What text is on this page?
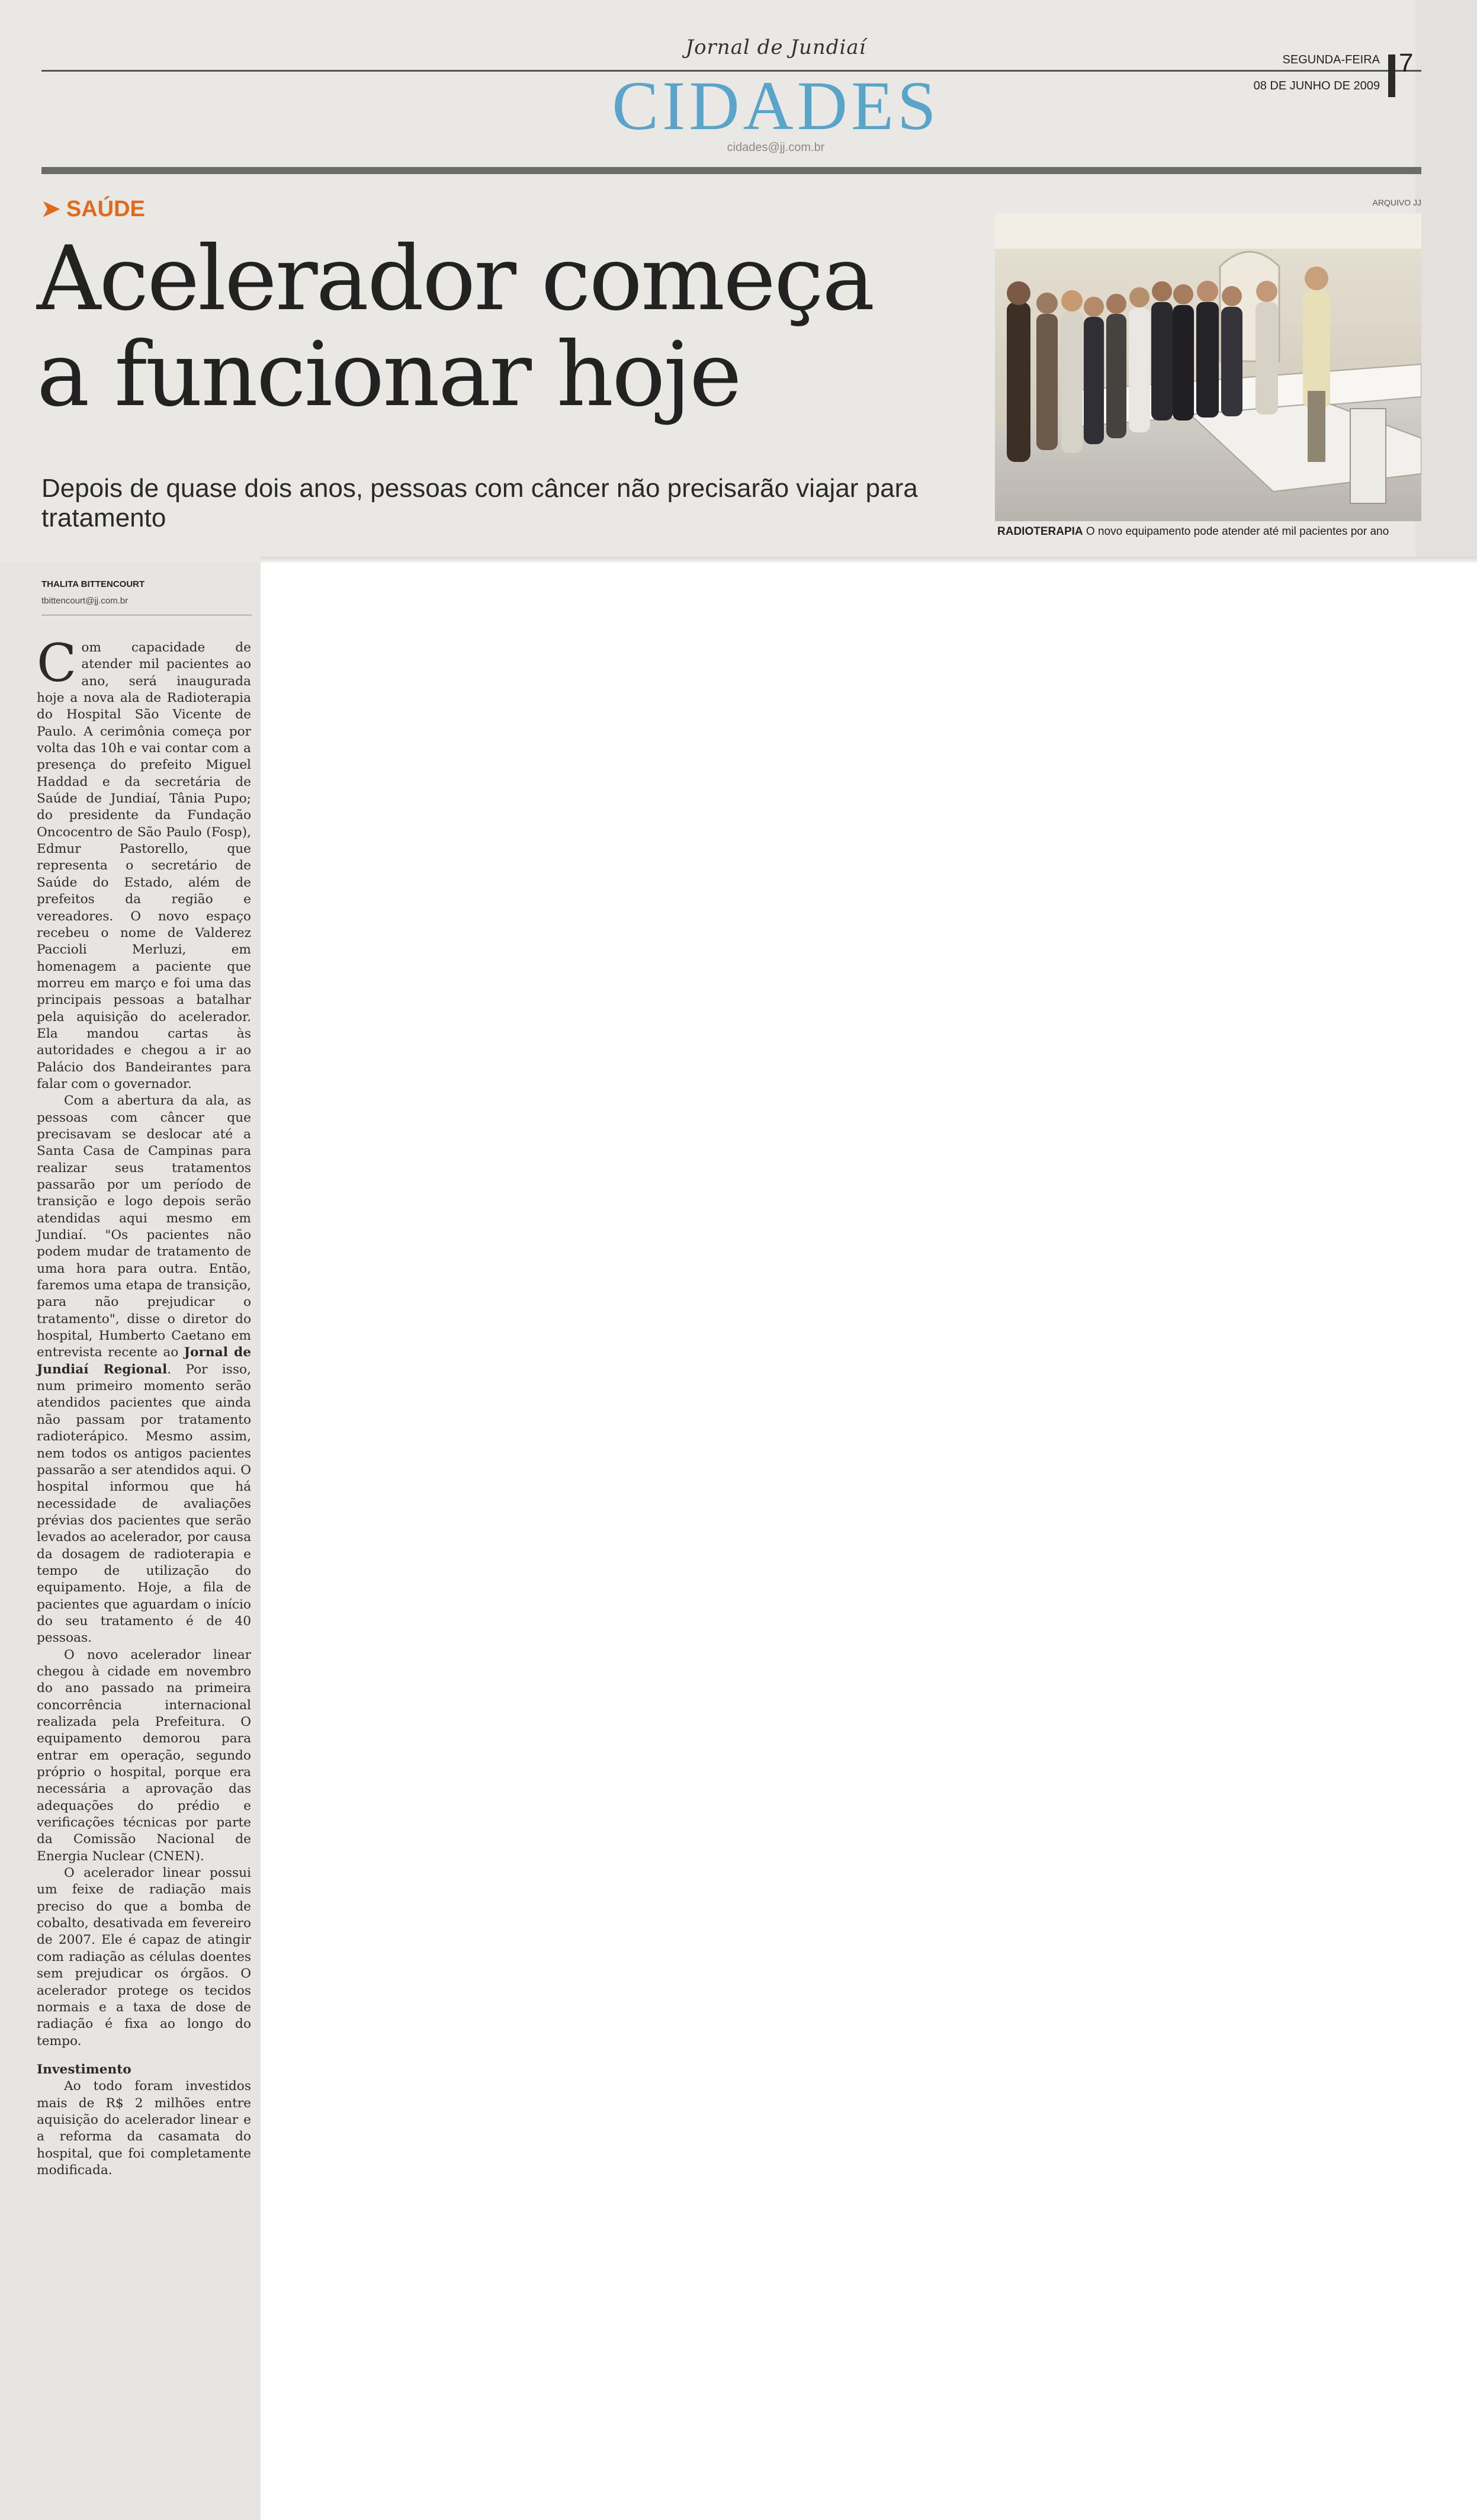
Jornal de Jundiaí
CIDADES
cidades@jj.com.br
SEGUNDA-FEIRA
08 DE JUNHO DE 2009
7
➤ SAÚDE
Acelerador começa
a funcionar hoje
Depois de quase dois anos, pessoas com câncer não precisarão viajar para tratamento
ARQUIVO JJ
RADIOTERAPIA O novo equipamento pode atender até mil pacientes por ano
THALITA BITTENCOURT
tbittencourt@jj.com.br

Com capacidade de atender mil pacientes ao ano, será inaugurada hoje a nova ala de Radioterapia do Hospital São Vicente de Paulo. A cerimônia começa por volta das 10h e vai contar com a presença do prefeito Miguel Haddad e da secretária de Saúde de Jundiaí, Tânia Pupo; do presidente da Fundação Oncocentro de São Paulo (Fosp), Edmur Pastorello, que representa o secretário de Saúde do Estado, além de prefeitos da região e vereadores. O novo espaço recebeu o nome de Valderez Paccioli Merluzi, em homenagem a paciente que morreu em março e foi uma das principais pessoas a batalhar pela aquisição do acelerador. Ela mandou cartas às autoridades e chegou a ir ao Palácio dos Bandeirantes para falar com o governador.

Com a abertura da ala, as pessoas com câncer que precisavam se deslocar até a Santa Casa de Campinas para realizar seus tratamentos passarão por um período de transição e logo depois serão atendidas aqui mesmo em Jundiaí. "Os pacientes não podem mudar de tratamento de uma hora para outra. Então, faremos uma etapa de transição, para não prejudicar o tratamento", disse o diretor do hospital, Humberto Caetano em entrevista recente ao Jornal de Jundiaí Regional. Por isso, num primeiro momento serão atendidos pacientes que ainda não passam por tratamento radioterápico. Mesmo assim, nem todos os antigos pacientes passarão a ser atendidos aqui. O hospital informou que há necessidade de avaliações prévias dos pacientes que serão levados ao acelerador, por causa da dosagem de radioterapia e tempo de utilização do equipamento. Hoje, a fila de pacientes que aguardam o início do seu tratamento é de 40 pessoas.

O novo acelerador linear chegou à cidade em novembro do ano passado na primeira concorrência internacional realizada pela Prefeitura. O equipamento demorou para entrar em operação, segundo próprio o hospital, porque era necessária a aprovação das adequações do prédio e verificações técnicas por parte da Comissão Nacional de Energia Nuclear (CNEN).

O acelerador linear possui um feixe de radiação mais preciso do que a bomba de cobalto, desativada em fevereiro de 2007. Ele é capaz de atingir com radiação as células doentes sem prejudicar os órgãos. O acelerador protege os tecidos normais e a taxa de dose de radiação é fixa ao longo do tempo.

Investimento

Ao todo foram investidos mais de R$ 2 milhões entre aquisição do acelerador linear e a reforma da casamata do hospital, que foi completamente modificada.
